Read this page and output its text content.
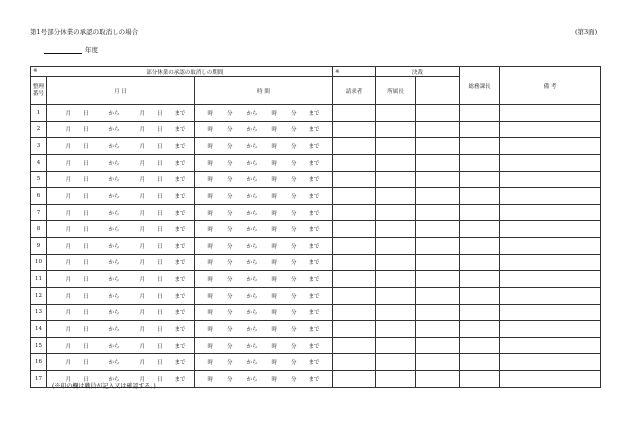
第1号部分休業の承認の取消しの場合	(第3面)
年度
※ 部分休業の承認の取消しの期間			※	決裁		総務課長	備 考
整理番号	月 日	時 間	請求者	所属長			
1	月 日 から 月 日 まで	時 分 から 時 分 まで					
2	月 日 から 月 日 まで	時 分 から 時 分 まで					
3	月 日 から 月 日 まで	時 分 から 時 分 まで					
4	月 日 から 月 日 まで	時 分 から 時 分 まで					
5	月 日 から 月 日 まで	時 分 から 時 分 まで					
6	月 日 から 月 日 まで	時 分 から 時 分 まで					
7	月 日 から 月 日 まで	時 分 から 時 分 まで					
8	月 日 から 月 日 まで	時 分 から 時 分 まで					
9	月 日 から 月 日 まで	時 分 から 時 分 まで					
10	月 日 から 月 日 まで	時 分 から 時 分 まで					
11	月 日 から 月 日 まで	時 分 から 時 分 まで					
12	月 日 から 月 日 まで	時 分 から 時 分 まで					
13	月 日 から 月 日 まで	時 分 から 時 分 まで					
14	月 日 から 月 日 まで	時 分 から 時 分 まで					
15	月 日 から 月 日 まで	時 分 から 時 分 まで					
16	月 日 から 月 日 まで	時 分 から 時 分 まで					
17	月 日 から 月 日 まで	時 分 から 時 分 まで					
(※印の欄は職員が記入又は確認する。)
